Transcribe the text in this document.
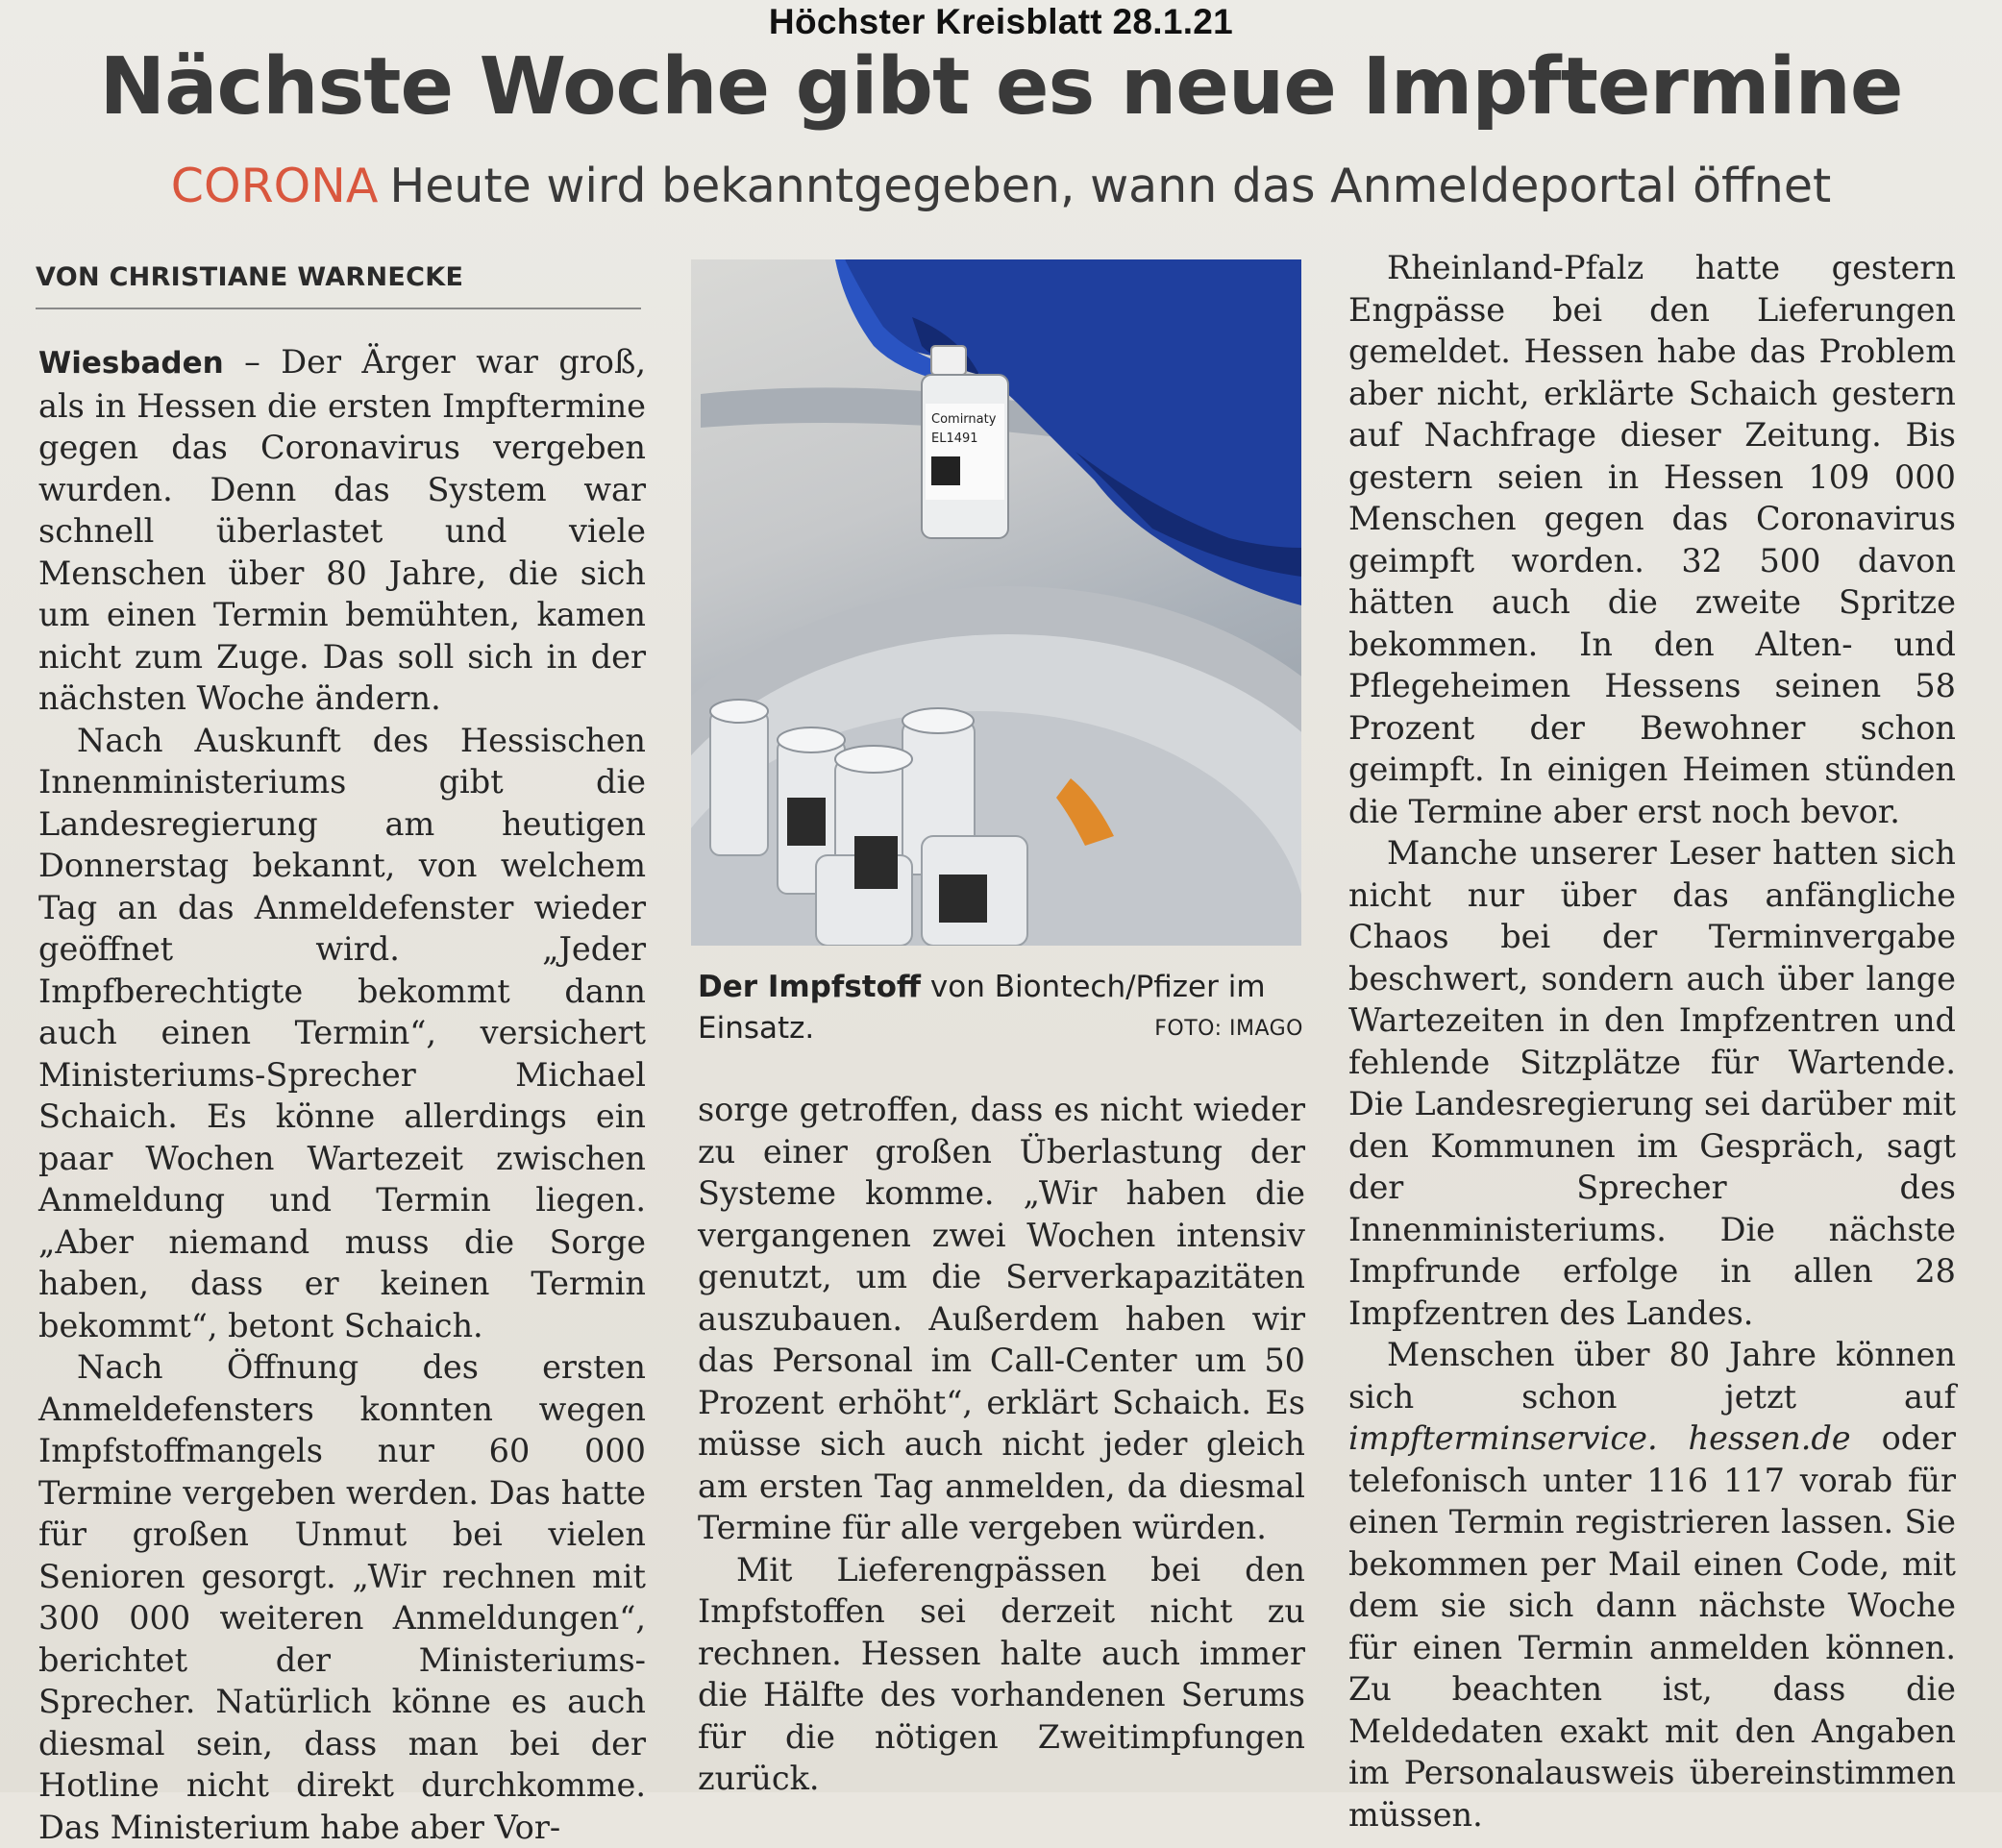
Höchster Kreisblatt 28.1.21
Nächste Woche gibt es neue Impftermine
CORONA Heute wird bekanntgegeben, wann das Anmeldeportal öffnet
VON CHRISTIANE WARNECKE

Wiesbaden – Der Ärger war groß, als in Hessen die ersten Impftermine gegen das Coronavirus vergeben wurden. Denn das System war schnell überlastet und viele Menschen über 80 Jahre, die sich um einen Termin bemühten, kamen nicht zum Zuge. Das soll sich in der nächsten Woche ändern.

Nach Auskunft des Hessischen Innenministeriums gibt die Landesregierung am heutigen Donnerstag bekannt, von welchem Tag an das Anmeldefenster wieder geöffnet wird. „Jeder Impfberechtigte bekommt dann auch einen Termin“, versichert Ministeriums-Sprecher Michael Schaich. Es könne allerdings ein paar Wochen Wartezeit zwischen Anmeldung und Termin liegen. „Aber niemand muss die Sorge haben, dass er keinen Termin bekommt“, betont Schaich.

Nach Öffnung des ersten Anmeldefensters konnten wegen Impfstoffmangels nur 60 000 Termine vergeben werden. Das hatte für großen Unmut bei vielen Senioren gesorgt. „Wir rechnen mit 300 000 weiteren Anmeldungen“, berichtet der Ministeriums-Sprecher. Natürlich könne es auch diesmal sein, dass man bei der Hotline nicht direkt durchkomme. Das Ministerium habe aber Vor-

Comirnaty
EL1491
Der Impfstoff von Biontech/Pfizer im Einsatz.	FOTO: IMAGO

sorge getroffen, dass es nicht wieder zu einer großen Überlastung der Systeme komme. „Wir haben die vergangenen zwei Wochen intensiv genutzt, um die Serverkapazitäten auszubauen. Außerdem haben wir das Personal im Call-Center um 50 Prozent erhöht“, erklärt Schaich. Es müsse sich auch nicht jeder gleich am ersten Tag anmelden, da diesmal Termine für alle vergeben würden.

Mit Lieferengpässen bei den Impfstoffen sei derzeit nicht zu rechnen. Hessen halte auch immer die Hälfte des vorhandenen Serums für die nötigen Zweitimpfungen zurück.

Rheinland-Pfalz hatte gestern Engpässe bei den Lieferungen gemeldet. Hessen habe das Problem aber nicht, erklärte Schaich gestern auf Nachfrage dieser Zeitung. Bis gestern seien in Hessen 109 000 Menschen gegen das Coronavirus geimpft worden. 32 500 davon hätten auch die zweite Spritze bekommen. In den Alten- und Pflegeheimen Hessens seinen 58 Prozent der Bewohner schon geimpft. In einigen Heimen stünden die Termine aber erst noch bevor.

Manche unserer Leser hatten sich nicht nur über das anfängliche Chaos bei der Terminvergabe beschwert, sondern auch über lange Wartezeiten in den Impfzentren und fehlende Sitzplätze für Wartende. Die Landesregierung sei darüber mit den Kommunen im Gespräch, sagt der Sprecher des Innenministeriums. Die nächste Impfrunde erfolge in allen 28 Impfzentren des Landes.

Menschen über 80 Jahre können sich schon jetzt auf impfterminservice. hessen.de oder telefonisch unter 116 117 vorab für einen Termin registrieren lassen. Sie bekommen per Mail einen Code, mit dem sie sich dann nächste Woche für einen Termin anmelden können. Zu beachten ist, dass die Meldedaten exakt mit den Angaben im Personalausweis übereinstimmen müssen.
